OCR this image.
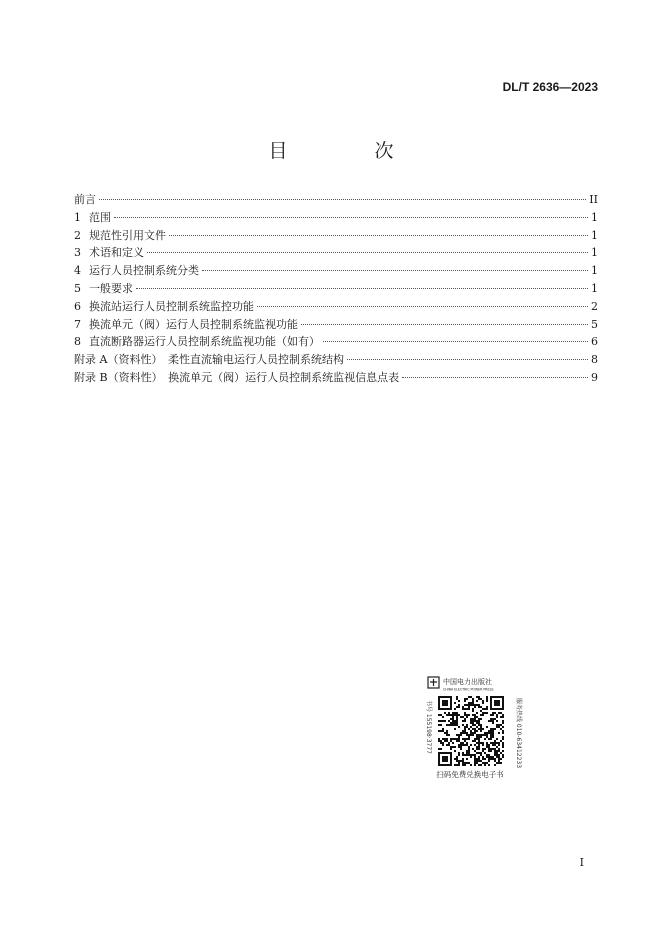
DL/T 2636—2023
目　次
前言	II
1 范围	1
2 规范性引用文件	1
3 术语和定义	1
4 运行人员控制系统分类	1
5 一般要求	1
6 换流站运行人员控制系统监控功能	2
7 换流单元（阀）运行人员控制系统监视功能	5
8 直流断路器运行人员控制系统监视功能（如有）	6
附录 A（资料性）　柔性直流输电运行人员控制系统结构	8
附录 B（资料性）　换流单元（阀）运行人员控制系统监视信息点表	9
中国电力出版社
CHINA ELECTRIC POWER PRESS
书号 155198·3777	服务热线 010-63412233
扫码免费兑换电子书
I
